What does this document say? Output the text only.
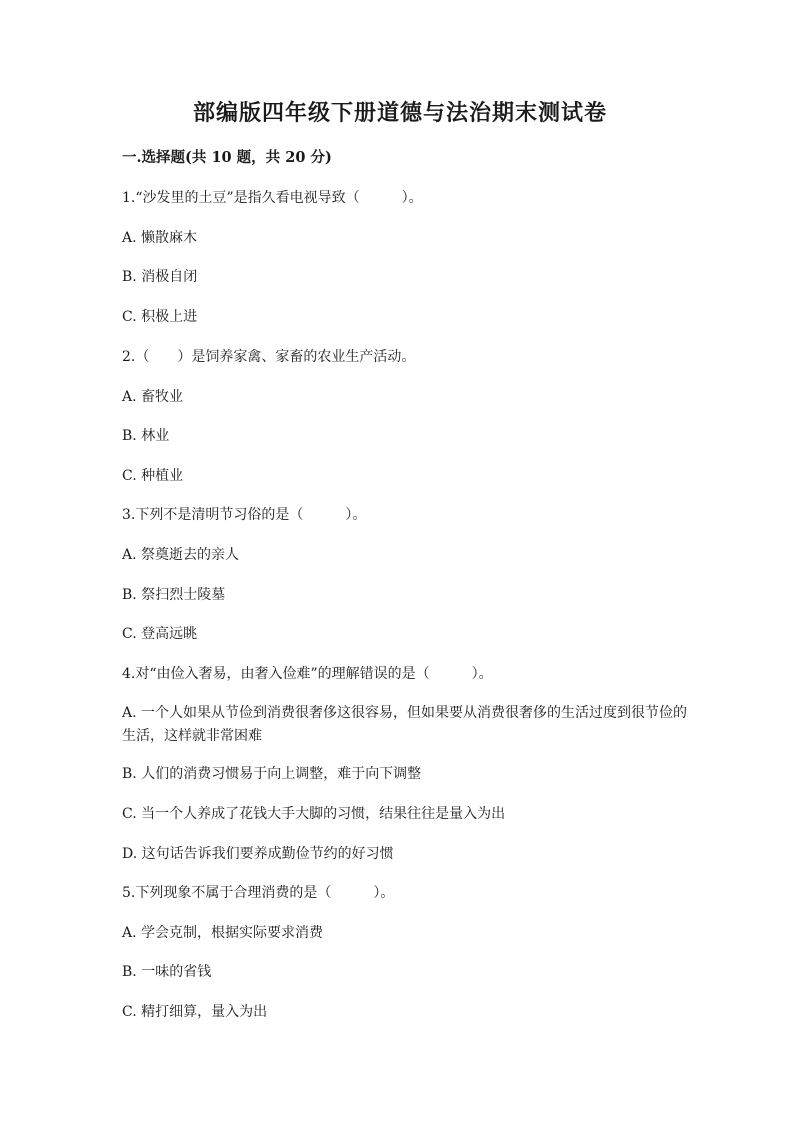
部编版四年级下册道德与法治期末测试卷
一.选择题(共 10 题，共 20 分)
1.“沙发里的土豆”是指久看电视导致（　　　）。
A. 懒散麻木
B. 消极自闭
C. 积极上进
2.（　　）是饲养家禽、家畜的农业生产活动。
A. 畜牧业
B. 林业
C. 种植业
3.下列不是清明节习俗的是（　　　）。
A. 祭奠逝去的亲人
B. 祭扫烈士陵墓
C. 登高远眺
4.对“由俭入奢易，由奢入俭难”的理解错误的是（　　　）。
A. 一个人如果从节俭到消费很奢侈这很容易，但如果要从消费很奢侈的生活过度到很节俭的生活，这样就非常困难
B. 人们的消费习惯易于向上调整，难于向下调整
C. 当一个人养成了花钱大手大脚的习惯，结果往往是量入为出
D. 这句话告诉我们要养成勤俭节约的好习惯
5.下列现象不属于合理消费的是（　　　）。
A. 学会克制，根据实际要求消费
B. 一味的省钱
C. 精打细算，量入为出
